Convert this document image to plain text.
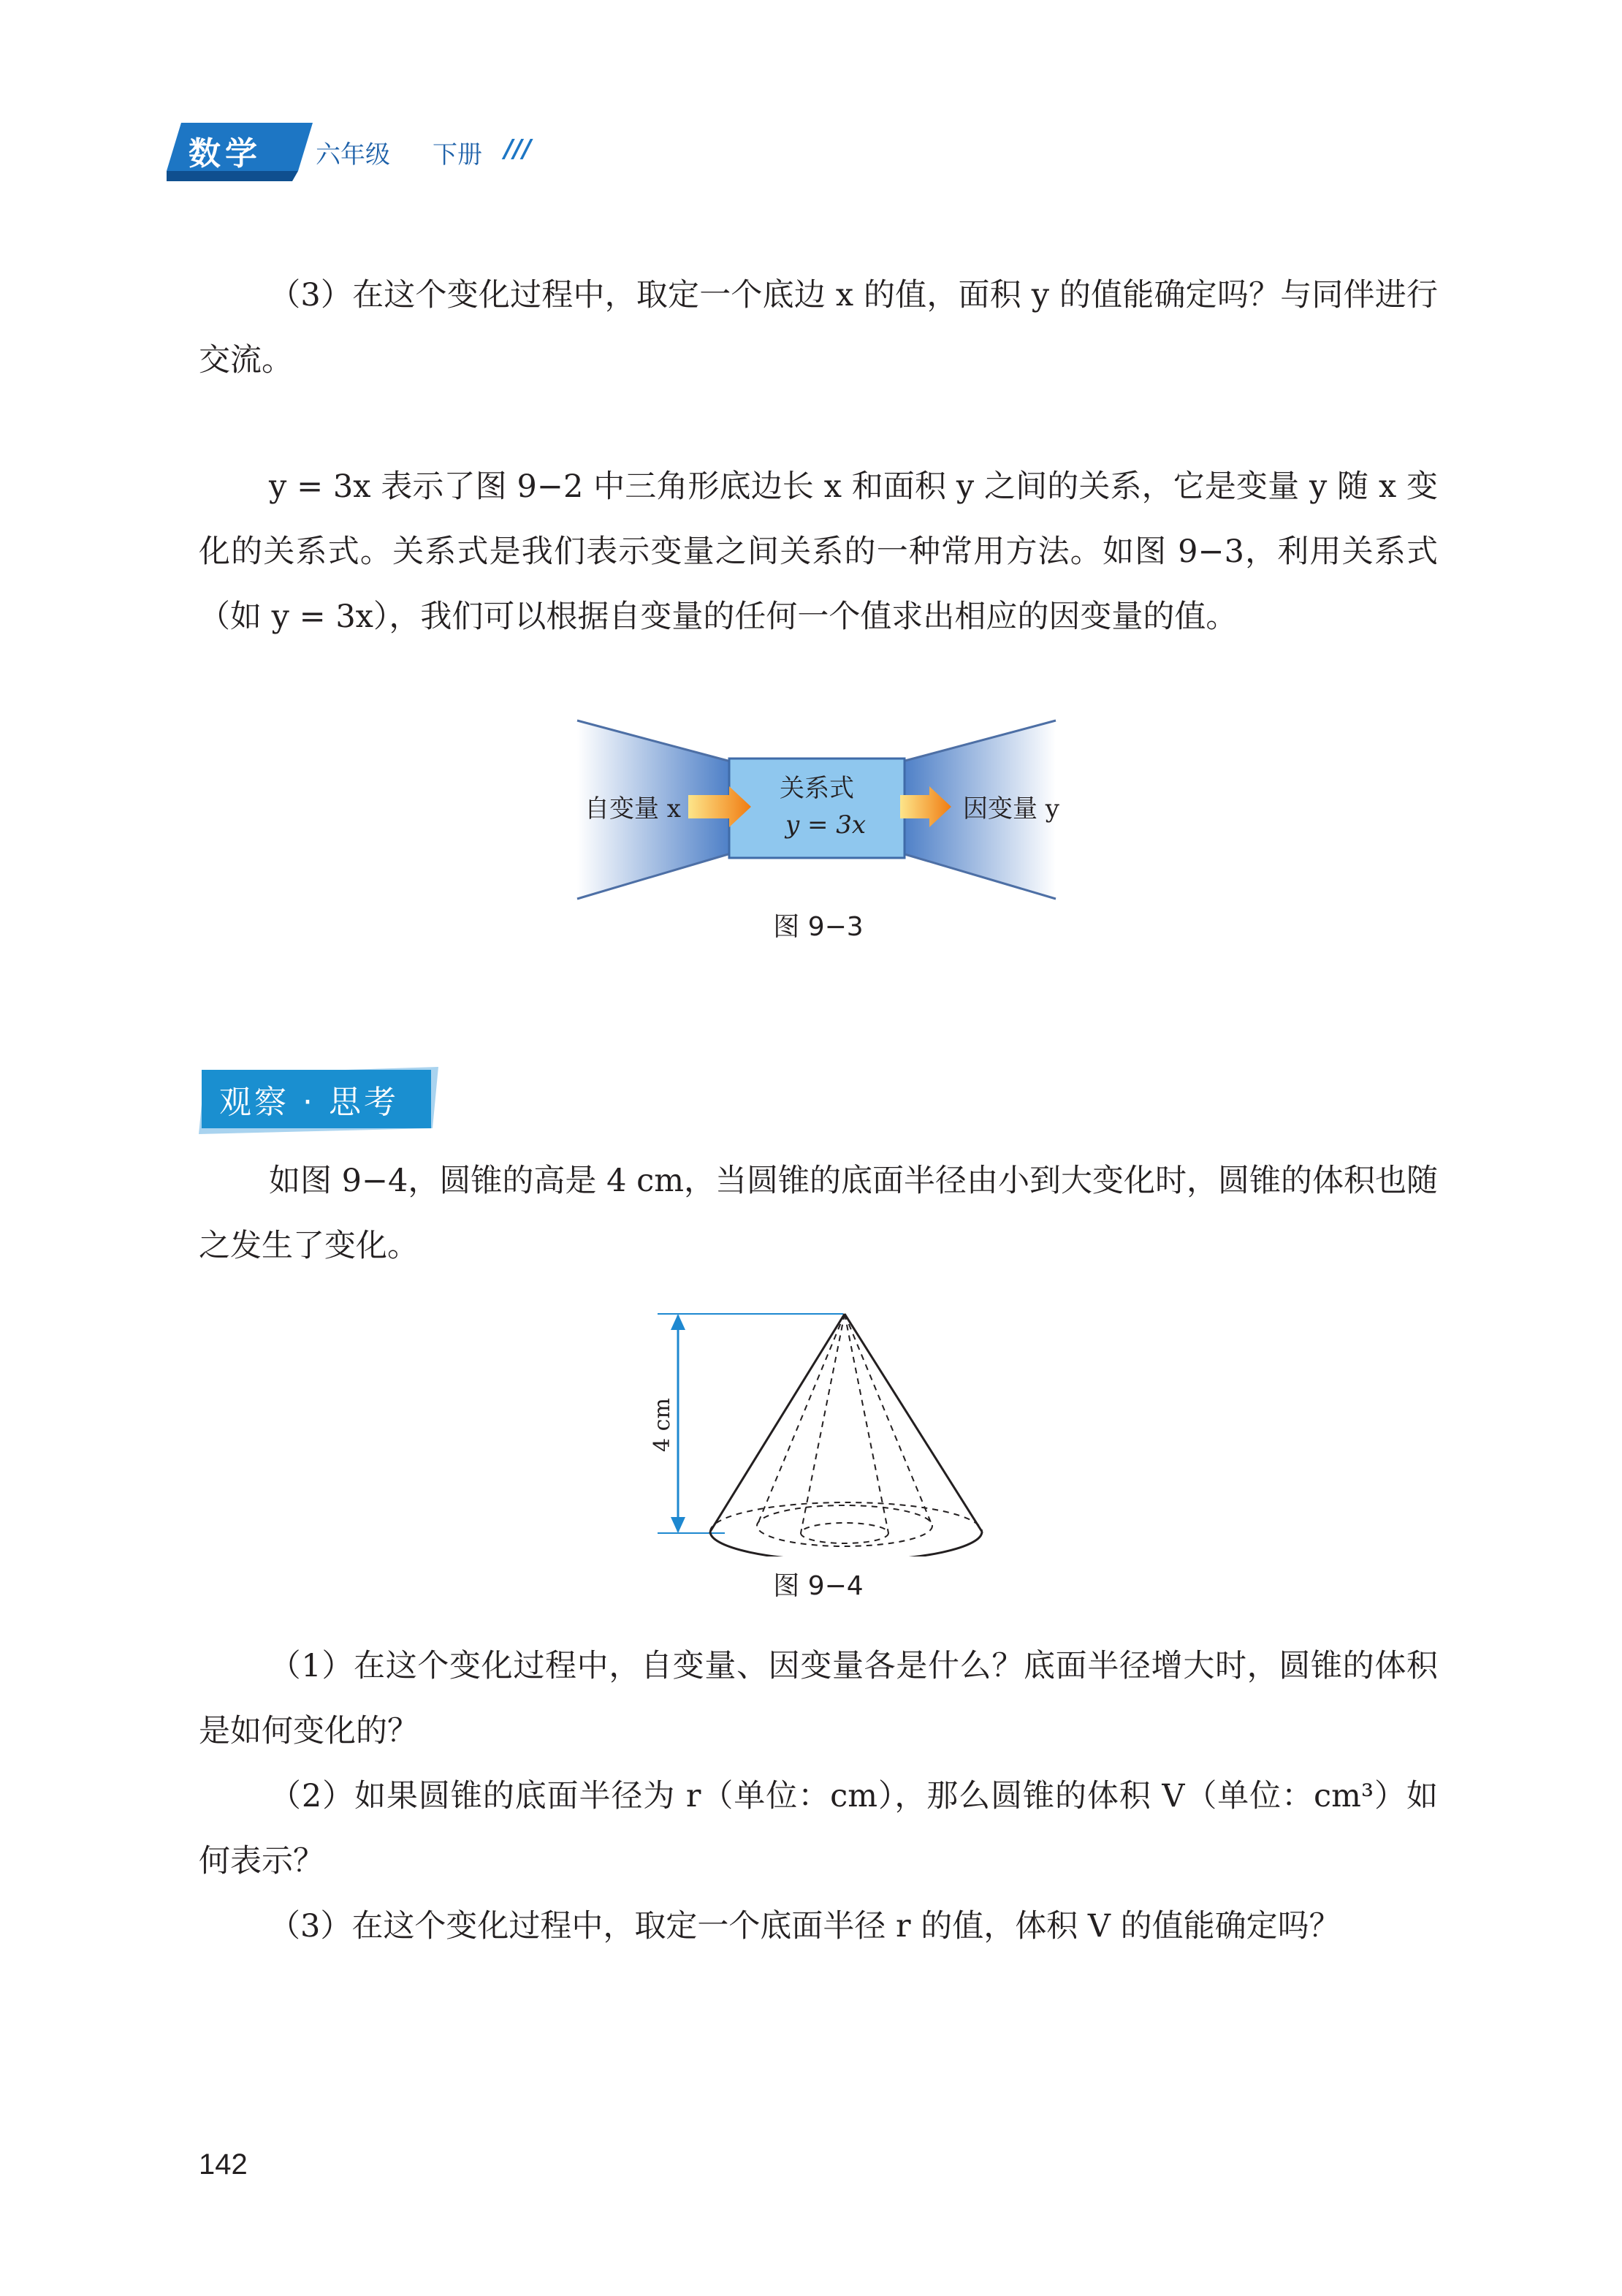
数学	六年级 下册 ///
（3）在这个变化过程中，取定一个底边 x 的值，面积 y 的值能确定吗？与同伴进行交流。
y = 3x 表示了图 9−2 中三角形底边长 x 和面积 y 之间的关系，它是变量 y 随 x 变化的关系式。关系式是我们表示变量之间关系的一种常用方法。如图 9−3，利用关系式（如 y = 3x），我们可以根据自变量的任何一个值求出相应的因变量的值。
自变量 x
关系式
y = 3x
因变量 y
图 9−3
观察 · 思考
如图 9−4，圆锥的高是 4 cm，当圆锥的底面半径由小到大变化时，圆锥的体积也随之发生了变化。
4 cm
图 9−4
（1）在这个变化过程中，自变量、因变量各是什么？底面半径增大时，圆锥的体积是如何变化的？
（2）如果圆锥的底面半径为 r（单位：cm），那么圆锥的体积 V（单位：cm³）如何表示？
（3）在这个变化过程中，取定一个底面半径 r 的值，体积 V 的值能确定吗？
142
